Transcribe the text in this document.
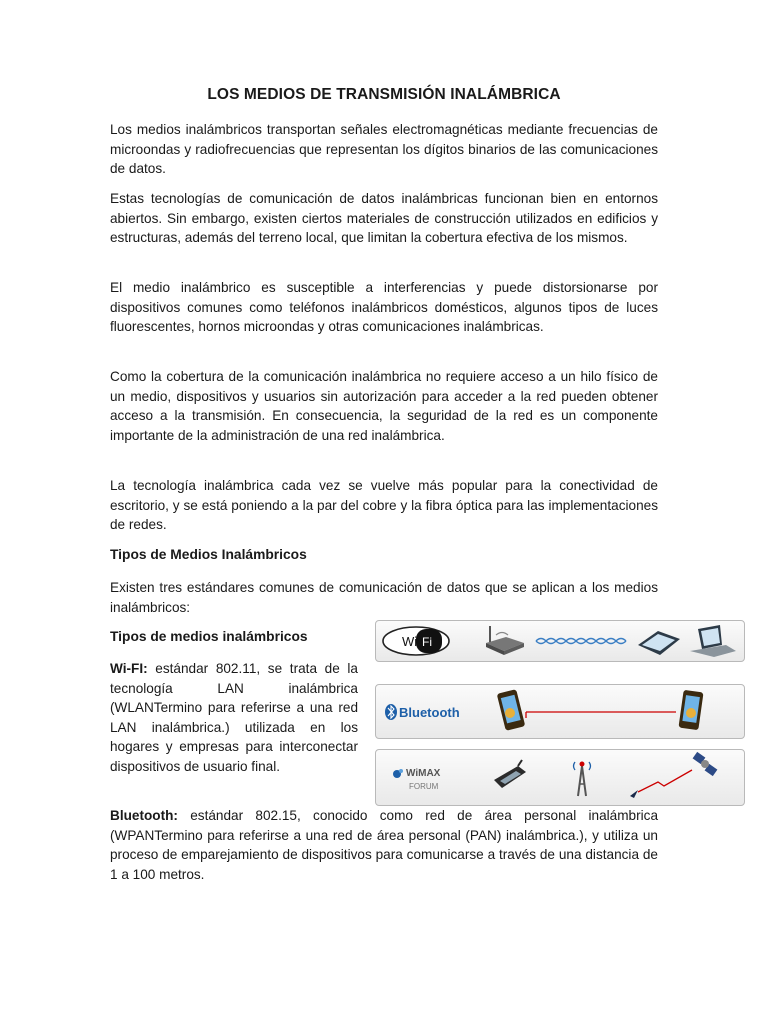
LOS MEDIOS DE TRANSMISIÓN INALÁMBRICA

Los medios inalámbricos transportan señales electromagnéticas mediante frecuencias de microondas y radiofrecuencias que representan los dígitos binarios de las comunicaciones de datos.

Estas tecnologías de comunicación de datos inalámbricas funcionan bien en entornos abiertos. Sin embargo, existen ciertos materiales de construcción utilizados en edificios y estructuras, además del terreno local, que limitan la cobertura efectiva de los mismos.

El medio inalámbrico es susceptible a interferencias y puede distorsionarse por dispositivos comunes como teléfonos inalámbricos domésticos, algunos tipos de luces fluorescentes, hornos microondas y otras comunicaciones inalámbricas.

Como la cobertura de la comunicación inalámbrica no requiere acceso a un hilo físico de un medio, dispositivos y usuarios sin autorización para acceder a la red pueden obtener acceso a la transmisión. En consecuencia, la seguridad de la red es un componente importante de la administración de una red inalámbrica.

La tecnología inalámbrica cada vez se vuelve más popular para la conectividad de escritorio, y se está poniendo a la par del cobre y la fibra óptica para las implementaciones de redes.

Tipos de Medios Inalámbricos

Existen tres estándares comunes de comunicación de datos que se aplican a los medios inalámbricos:

Tipos de medios inalámbricos

Wi-FI: estándar 802.11, se trata de la tecnología LAN inalámbrica (WLANTermino para referirse a una red LAN inalámbrica.) utilizada en los hogares y empresas para interconectar dispositivos de usuario final.

Bluetooth: estándar 802.15, conocido como red de área personal inalámbrica (WPANTermino para referirse a una red de área personal (PAN) inalámbrica.), y utiliza un proceso de emparejamiento de dispositivos para comunicarse a través de una distancia de 1 a 100 metros.

Wi Fi
Bluetooth
WiMAX
FORUM
